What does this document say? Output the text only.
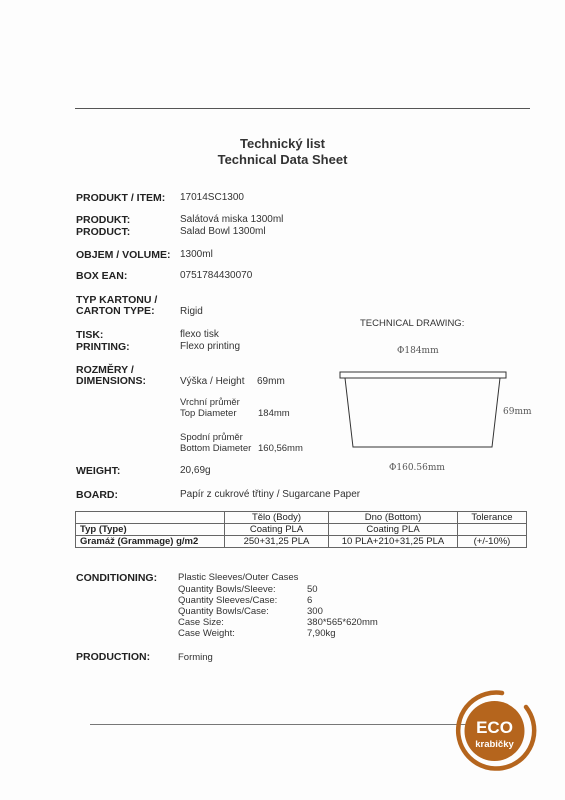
Technický list
Technical Data Sheet
PRODUKT / ITEM: 17014SC1300
PRODUKT:
PRODUCT:
Salátová miska 1300ml
Salad Bowl 1300ml
OBJEM / VOLUME: 1300ml
BOX EAN:	0751784430070
TYP KARTONU /
CARTON TYPE:	Rigid
TISK:
PRINTING:
flexo tisk
Flexo printing
ROZMĚRY /
DIMENSIONS:	Výška / Height 69mm
Vrchní průměr
Top Diameter 184mm
Spodní průměr
Bottom Diameter 160,56mm
TECHNICAL DRAWING:
Φ184mm
69mm
Φ160.56mm
WEIGHT:	20,69g
BOARD:	Papír z cukrové třtiny / Sugarcane Paper
	Tělo (Body)	Dno (Bottom)	Tolerance
Typ (Type)	Coating PLA	Coating PLA	
Gramáž (Grammage) g/m2	250+31,25 PLA	10 PLA+210+31,25 PLA	(+/-10%)
CONDITIONING: Plastic Sleeves/Outer Cases
Quantity Bowls/Sleeve:	50
Quantity Sleeves/Case:	6
Quantity Bowls/Case:	300
Case Size:	380*565*620mm
Case Weight:	7,90kg
PRODUCTION:	Forming
ECO
krabičky
